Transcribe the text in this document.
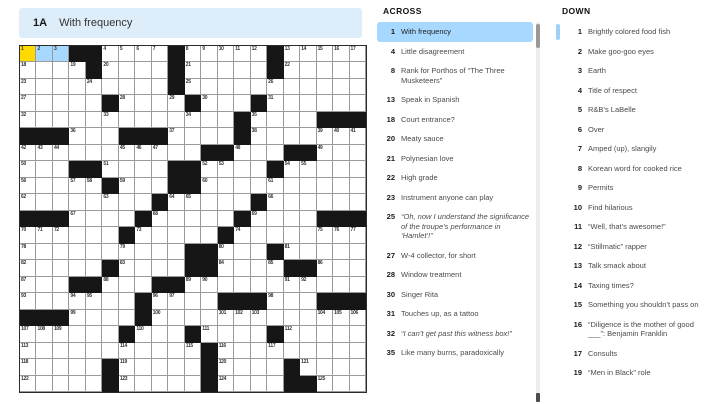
1A With frequency
1	2	3	4	5	6	7	8	9	10 11 12	13 14 15 16 17
18	19	20	21	22
23	24	25	26
27	28	29	30	31
32	33	34	35
36	37	38	39 40 41
42 43 44	45 46 47	48	49
50	51	52 53	54 55
56	57 58	59	60	61
62	63	64 65	66
67	68	69
70 71 72	73	74	75 76 77
78	79	80	81
82	83	84	85	86
87	88	89 90	91 92
93	94 95	96 97	98
99	100	101 102 103	104 105 106
107 108 109	110	111	112
113	114	115	116	117
118	119	120	121
122	123	124	125
ACROSS
1 With frequency
4 Little disagreement
8 Rank for Porthos of “The Three Musketeers”
13 Speak in Spanish
18 Court entrance?
20 Meaty sauce
21 Polynesian love
22 High grade
23 Instrument anyone can play
25 “Oh, now I understand the significance of the troupe’s performance in ‘Hamlet’!”
27 W-4 collector, for short
28 Window treatment
30 Singer Rita
31 Touches up, as a tattoo
32 “I can’t get past this witness box!”
35 Like many burns, paradoxically
DOWN
1 Brightly colored food fish
2 Make goo-goo eyes
3 Earth
4 Title of respect
5 R&B’s LaBelle
6 Over
7 Amped (up), slangily
8 Korean word for cooked rice
9 Permits
10 Find hilarious
11 “Well, that’s awesome!”
12 “Stillmatic” rapper
13 Talk smack about
14 Taxing times?
15 Something you shouldn’t pass on
16 “Diligence is the mother of good ___”: Benjamin Franklin
17 Consults
19 “Men in Black” role
